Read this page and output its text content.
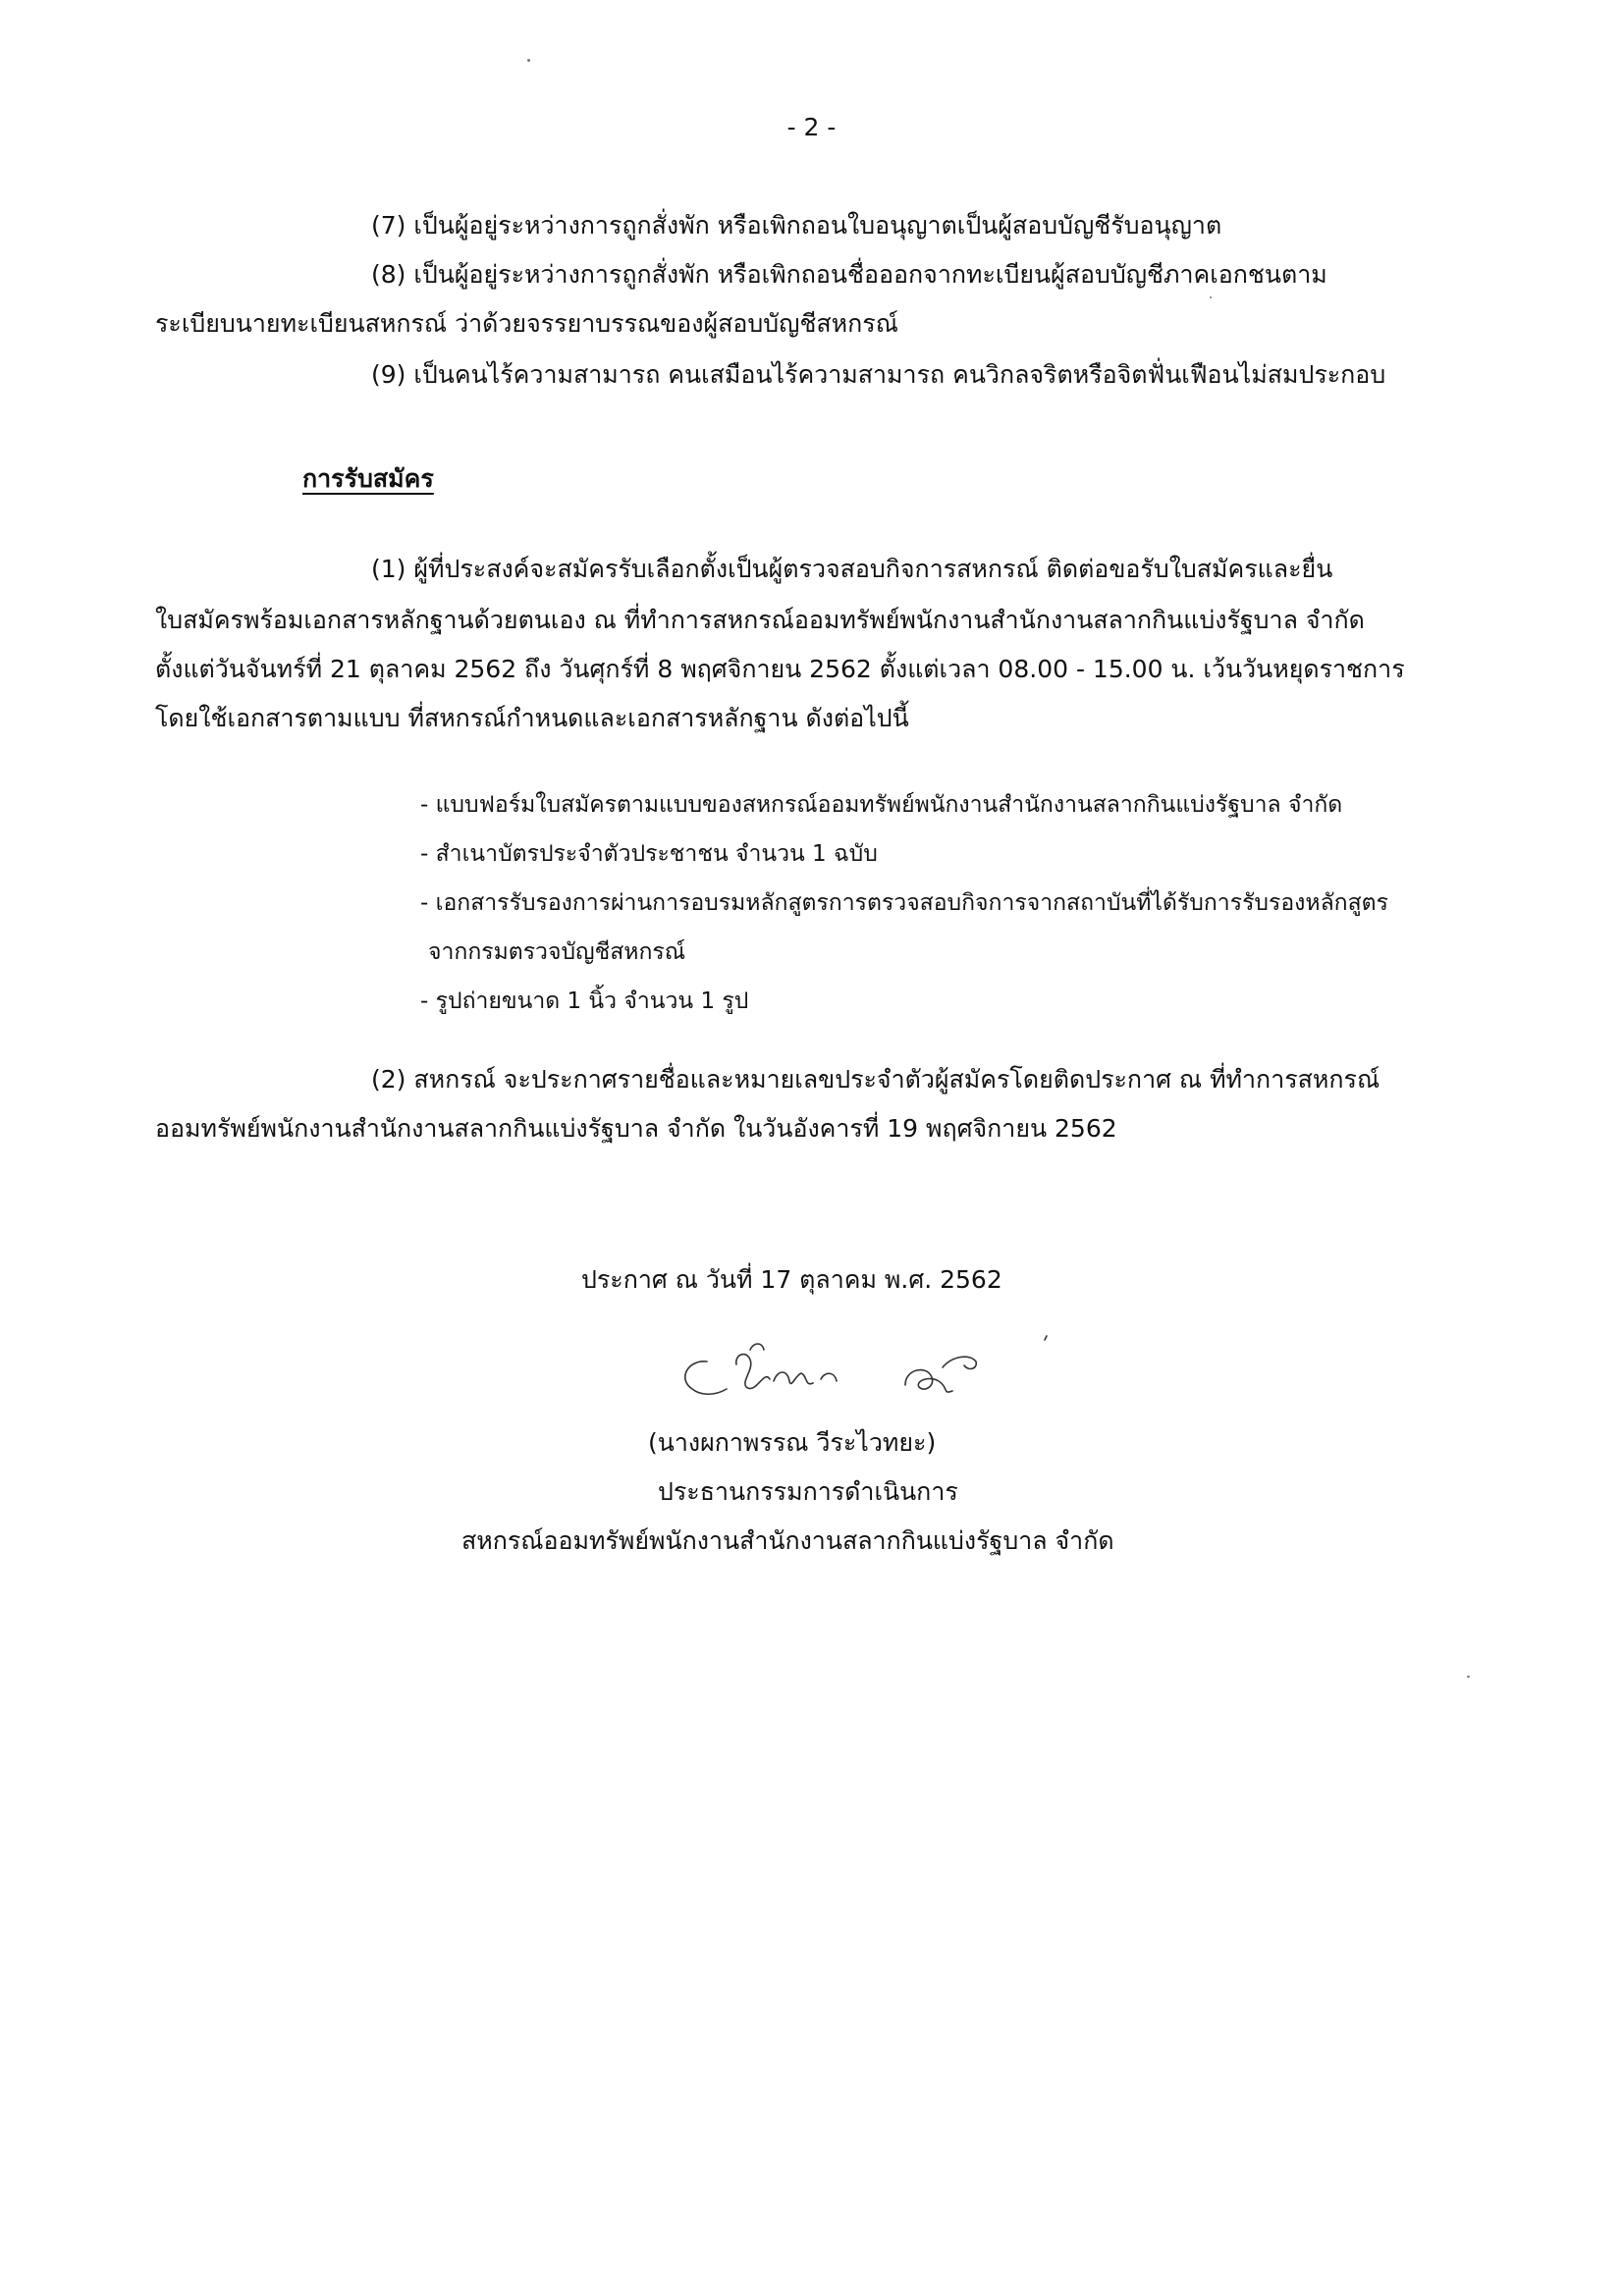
- 2 -
(7) เป็นผู้อยู่ระหว่างการถูกสั่งพัก หรือเพิกถอนใบอนุญาตเป็นผู้สอบบัญชีรับอนุญาต
(8) เป็นผู้อยู่ระหว่างการถูกสั่งพัก หรือเพิกถอนชื่อออกจากทะเบียนผู้สอบบัญชีภาคเอกชนตาม
ระเบียบนายทะเบียนสหกรณ์ ว่าด้วยจรรยาบรรณของผู้สอบบัญชีสหกรณ์
(9) เป็นคนไร้ความสามารถ คนเสมือนไร้ความสามารถ คนวิกลจริตหรือจิตฟั่นเฟือนไม่สมประกอบ
การรับสมัคร
(1) ผู้ที่ประสงค์จะสมัครรับเลือกตั้งเป็นผู้ตรวจสอบกิจการสหกรณ์ ติดต่อขอรับใบสมัครและยื่น
ใบสมัครพร้อมเอกสารหลักฐานด้วยตนเอง ณ ที่ทำการสหกรณ์ออมทรัพย์พนักงานสำนักงานสลากกินแบ่งรัฐบาล จำกัด
ตั้งแต่วันจันทร์ที่ 21 ตุลาคม 2562 ถึง วันศุกร์ที่ 8 พฤศจิกายน 2562 ตั้งแต่เวลา 08.00 - 15.00 น. เว้นวันหยุดราชการ
โดยใช้เอกสารตามแบบ ที่สหกรณ์กำหนดและเอกสารหลักฐาน ดังต่อไปนี้
- แบบฟอร์มใบสมัครตามแบบของสหกรณ์ออมทรัพย์พนักงานสำนักงานสลากกินแบ่งรัฐบาล จำกัด
- สำเนาบัตรประจำตัวประชาชน จำนวน 1 ฉบับ
- เอกสารรับรองการผ่านการอบรมหลักสูตรการตรวจสอบกิจการจากสถาบันที่ได้รับการรับรองหลักสูตร
จากกรมตรวจบัญชีสหกรณ์
- รูปถ่ายขนาด 1 นิ้ว จำนวน 1 รูป
(2) สหกรณ์ จะประกาศรายชื่อและหมายเลขประจำตัวผู้สมัครโดยติดประกาศ ณ ที่ทำการสหกรณ์
ออมทรัพย์พนักงานสำนักงานสลากกินแบ่งรัฐบาล จำกัด ในวันอังคารที่ 19 พฤศจิกายน 2562
ประกาศ ณ วันที่ 17 ตุลาคม พ.ศ. 2562
(นางผกาพรรณ วีระไวทยะ)
ประธานกรรมการดำเนินการ
สหกรณ์ออมทรัพย์พนักงานสำนักงานสลากกินแบ่งรัฐบาล จำกัด
